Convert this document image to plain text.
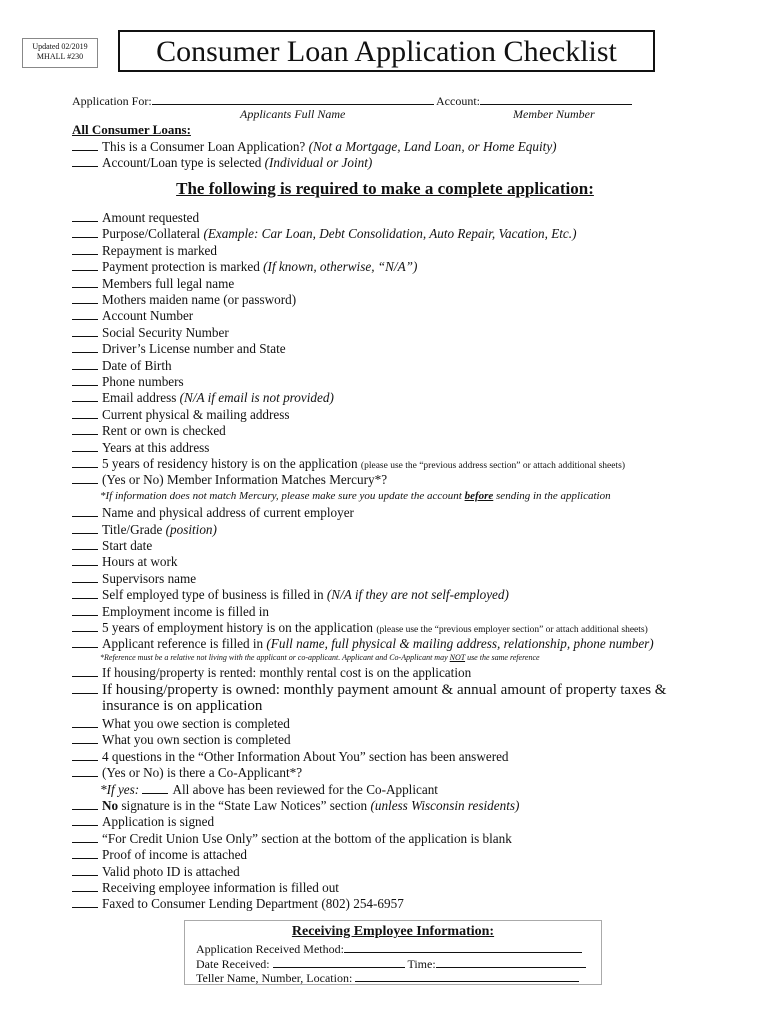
Updated 02/2019
MHALL #230	Consumer Loan Application Checklist
Application For:	Account:
Applicants Full Name	Member Number
All Consumer Loans:
This is a Consumer Loan Application? (Not a Mortgage, Land Loan, or Home Equity)
Account/Loan type is selected (Individual or Joint)
The following is required to make a complete application:
Amount requested
Purpose/Collateral (Example: Car Loan, Debt Consolidation, Auto Repair, Vacation, Etc.)
Repayment is marked
Payment protection is marked (If known, otherwise, “N/A”)
Members full legal name
Mothers maiden name (or password)
Account Number
Social Security Number
Driver’s License number and State
Date of Birth
Phone numbers
Email address (N/A if email is not provided)
Current physical & mailing address
Rent or own is checked
Years at this address
5 years of residency history is on the application (please use the “previous address section” or attach additional sheets)
(Yes or No) Member Information Matches Mercury*?
*If information does not match Mercury, please make sure you update the account before sending in the application
Name and physical address of current employer
Title/Grade (position)
Start date
Hours at work
Supervisors name
Self employed type of business is filled in (N/A if they are not self-employed)
Employment income is filled in
5 years of employment history is on the application (please use the “previous employer section” or attach additional sheets)
Applicant reference is filled in (Full name, full physical & mailing address, relationship, phone number)
*Reference must be a relative not living with the applicant or co-applicant. Applicant and Co-Applicant may NOT use the same reference
If housing/property is rented: monthly rental cost is on the application
If housing/property is owned: monthly payment amount & annual amount of property taxes &
insurance is on application
What you owe section is completed
What you own section is completed
4 questions in the “Other Information About You” section has been answered
(Yes or No) is there a Co-Applicant*?
*If yes:	All above has been reviewed for the Co-Applicant
No signature is in the “State Law Notices” section (unless Wisconsin residents)
Application is signed
“For Credit Union Use Only” section at the bottom of the application is blank
Proof of income is attached
Valid photo ID is attached
Receiving employee information is filled out
Faxed to Consumer Lending Department (802) 254-6957
Receiving Employee Information:
Application Received Method:
Date Received:	Time:
Teller Name, Number, Location:
